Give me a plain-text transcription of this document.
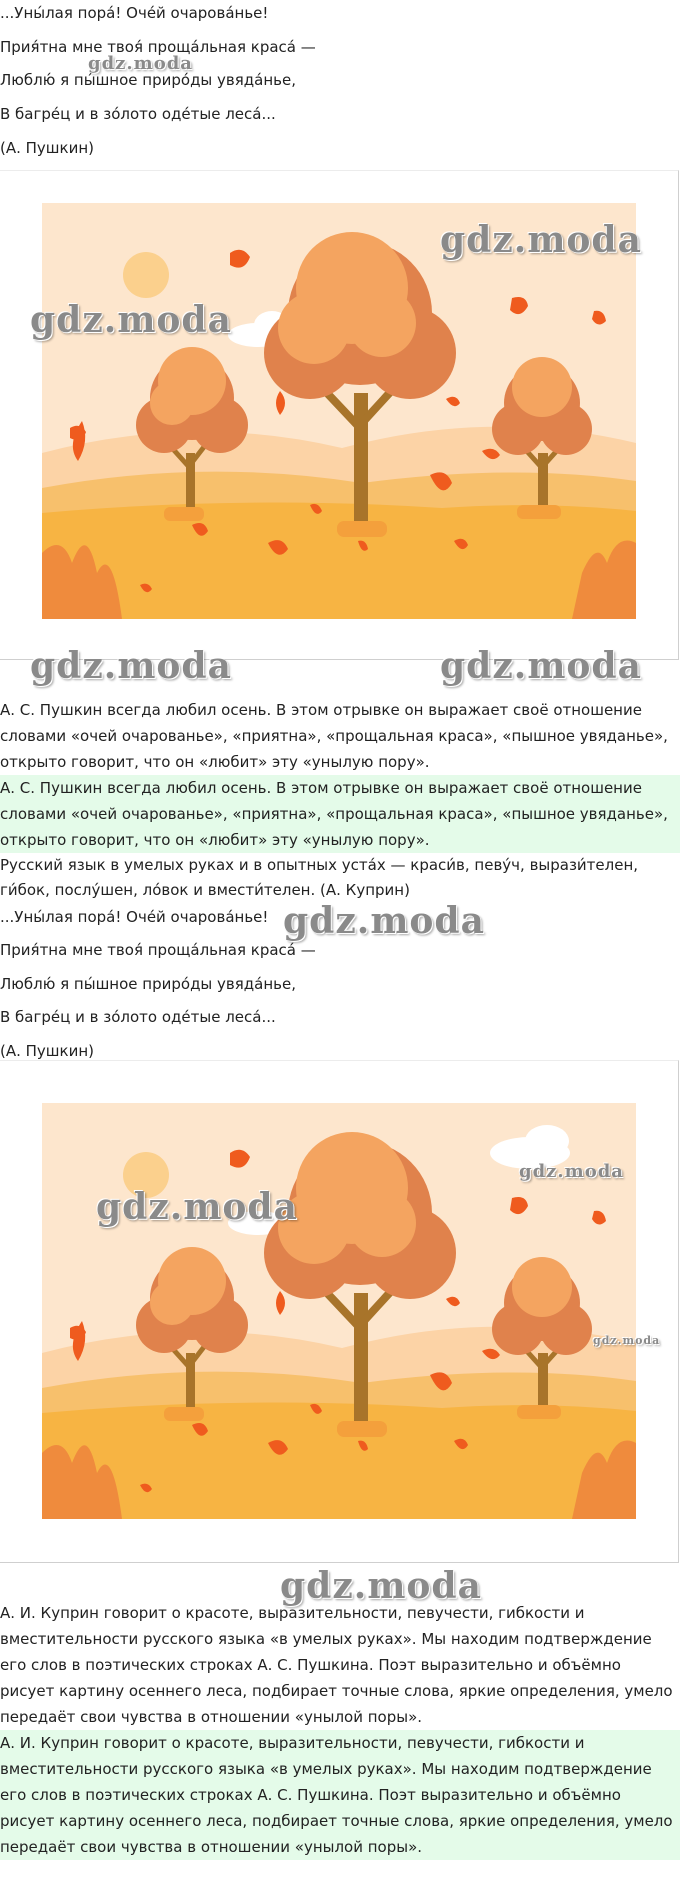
...Уны́лая пора́! Оче́й очарова́нье!
Прия́тна мне твоя́ проща́льная краса́ —
Люблю́ я пы́шное приро́ды увяда́нье,
В багре́ц и в зо́лото оде́тые леса́...
(А. Пушкин)
gdz.moda
gdz.moda
gdz.moda
gdz.moda	gdz.moda
А. С. Пушкин всегда любил осень. В этом отрывке он выражает своё отношение словами «очей очарованье», «приятна», «прощальная краса», «пышное увяданье», открыто говорит, что он «любит» эту «унылую пору».
А. С. Пушкин всегда любил осень. В этом отрывке он выражает своё отношение словами «очей очарованье», «приятна», «прощальная краса», «пышное увяданье», открыто говорит, что он «любит» эту «унылую пору».
Русский язык в умелых руках и в опытных уста́х — краси́в, певу́ч, вырази́телен, ги́бок, послу́шен, ло́вок и вмести́телен. (А. Куприн)
...Уны́лая пора́! Оче́й очарова́нье!
Прия́тна мне твоя́ проща́льная краса́ —
Люблю́ я пы́шное приро́ды увяда́нье,
В багре́ц и в зо́лото оде́тые леса́...
(А. Пушкин)
gdz.moda
gdz.moda
gdz.moda
gdz.moda
gdz.moda
А. И. Куприн говорит о красоте, выразительности, певучести, гибкости и вместительности русского языка «в умелых руках». Мы находим подтверждение его слов в поэтических строках А. С. Пушкина. Поэт выразительно и объёмно рисует картину осеннего леса, подбирает точные слова, яркие определения, умело передаёт свои чувства в отношении «унылой поры».
А. И. Куприн говорит о красоте, выразительности, певучести, гибкости и вместительности русского языка «в умелых руках». Мы находим подтверждение его слов в поэтических строках А. С. Пушкина. Поэт выразительно и объёмно рисует картину осеннего леса, подбирает точные слова, яркие определения, умело передаёт свои чувства в отношении «унылой поры».
